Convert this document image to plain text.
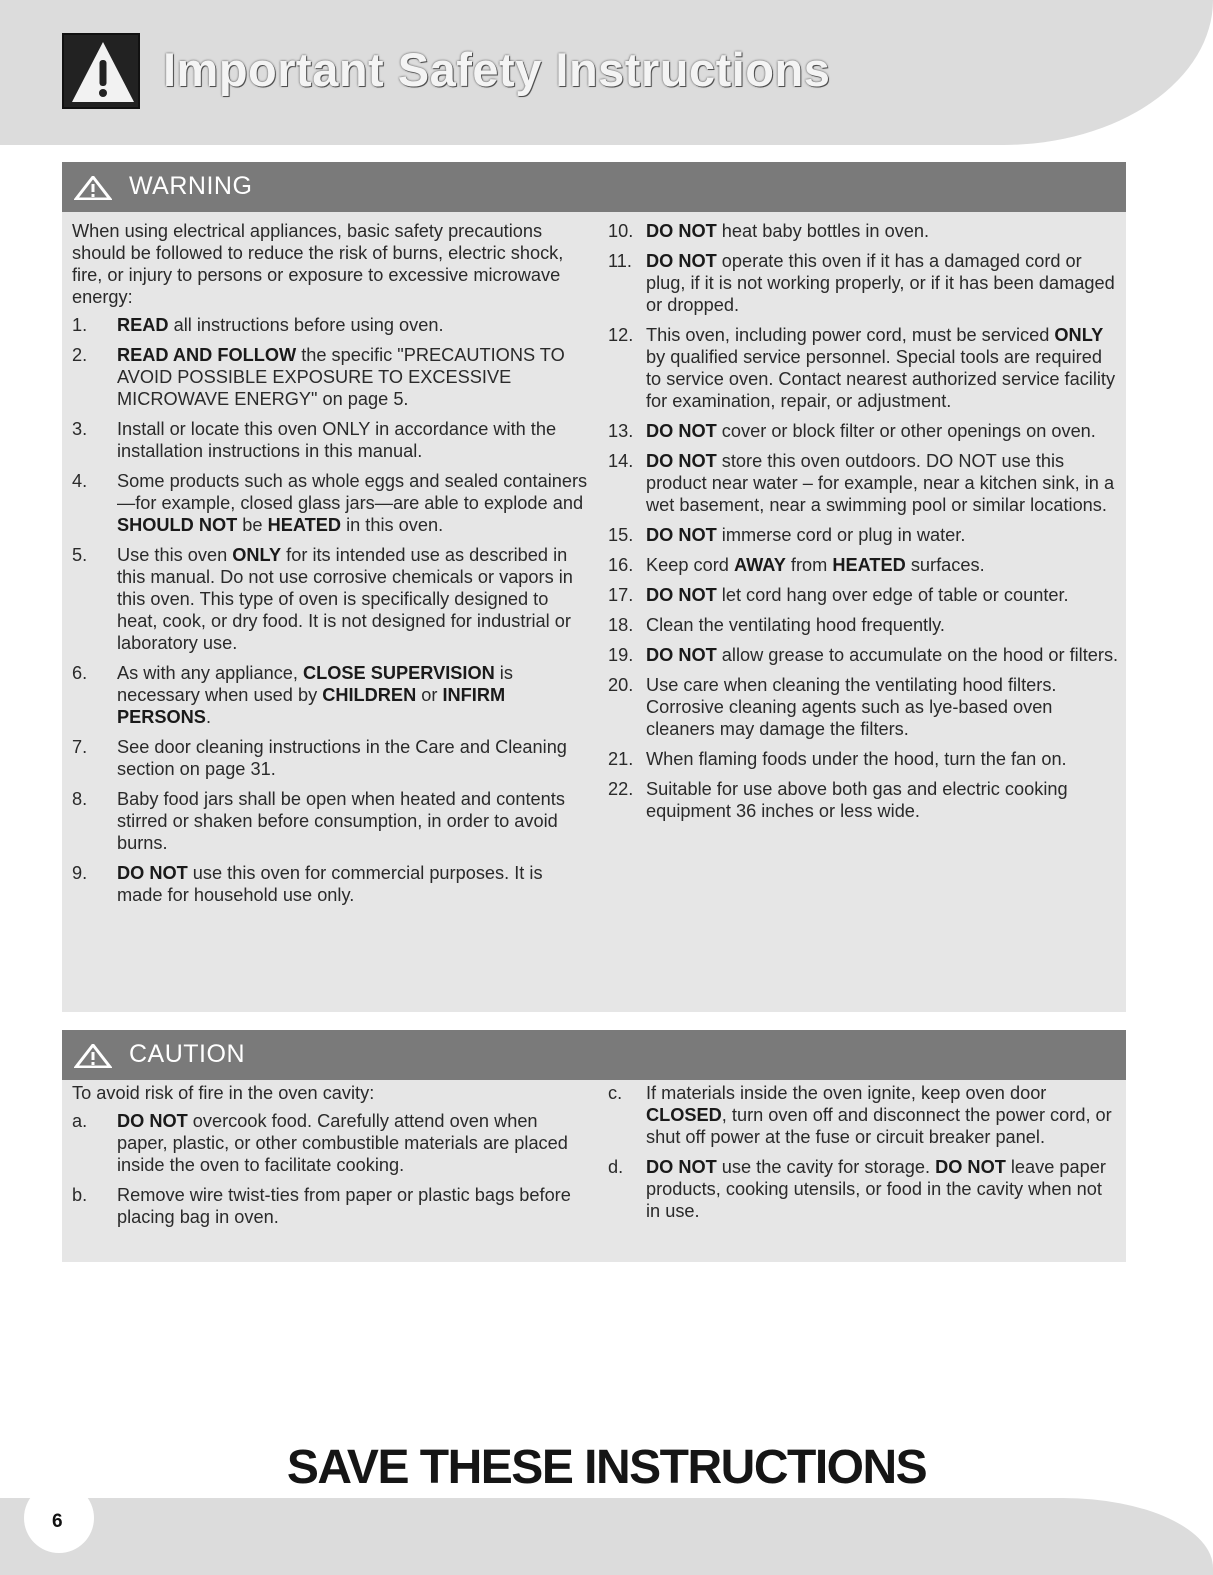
Important Safety Instructions
WARNING

When using electrical appliances, basic safety precautions should be followed to reduce the risk of burns, electric shock, fire, or injury to persons or exposure to excessive microwave energy:

1. READ all instructions before using oven.
2. READ AND FOLLOW the specific "PRECAUTIONS TO AVOID POSSIBLE EXPOSURE TO EXCESSIVE MICROWAVE ENERGY" on page 5.
3. Install or locate this oven ONLY in accordance with the installation instructions in this manual.
4. Some products such as whole eggs and sealed containers—for example, closed glass jars—are able to explode and SHOULD NOT be HEATED in this oven.
5. Use this oven ONLY for its intended use as described in this manual. Do not use corrosive chemicals or vapors in this oven. This type of oven is specifically designed to heat, cook, or dry food. It is not designed for industrial or laboratory use.
6. As with any appliance, CLOSE SUPERVISION is necessary when used by CHILDREN or INFIRM PERSONS.
7. See door cleaning instructions in the Care and Cleaning section on page 31.
8. Baby food jars shall be open when heated and contents stirred or shaken before consumption, in order to avoid burns.
9. DO NOT use this oven for commercial purposes. It is made for household use only.
10. DO NOT heat baby bottles in oven.
11. DO NOT operate this oven if it has a damaged cord or plug, if it is not working properly, or if it has been damaged or dropped.
12. This oven, including power cord, must be serviced ONLY by qualified service personnel. Special tools are required to service oven. Contact nearest authorized service facility for examination, repair, or adjustment.
13. DO NOT cover or block filter or other openings on oven.
14. DO NOT store this oven outdoors. DO NOT use this product near water – for example, near a kitchen sink, in a wet basement, near a swimming pool or similar locations.
15. DO NOT immerse cord or plug in water.
16. Keep cord AWAY from HEATED surfaces.
17. DO NOT let cord hang over edge of table or counter.
18. Clean the ventilating hood frequently.
19. DO NOT allow grease to accumulate on the hood or filters.
20. Use care when cleaning the ventilating hood filters. Corrosive cleaning agents such as lye-based oven cleaners may damage the filters.
21. When flaming foods under the hood, turn the fan on.
22. Suitable for use above both gas and electric cooking equipment 36 inches or less wide.
CAUTION

To avoid risk of fire in the oven cavity:

a. DO NOT overcook food. Carefully attend oven when paper, plastic, or other combustible materials are placed inside the oven to facilitate cooking.
b. Remove wire twist-ties from paper or plastic bags before placing bag in oven.
c. If materials inside the oven ignite, keep oven door CLOSED, turn oven off and disconnect the power cord, or shut off power at the fuse or circuit breaker panel.
d. DO NOT use the cavity for storage. DO NOT leave paper products, cooking utensils, or food in the cavity when not in use.
SAVE THESE INSTRUCTIONS
6
